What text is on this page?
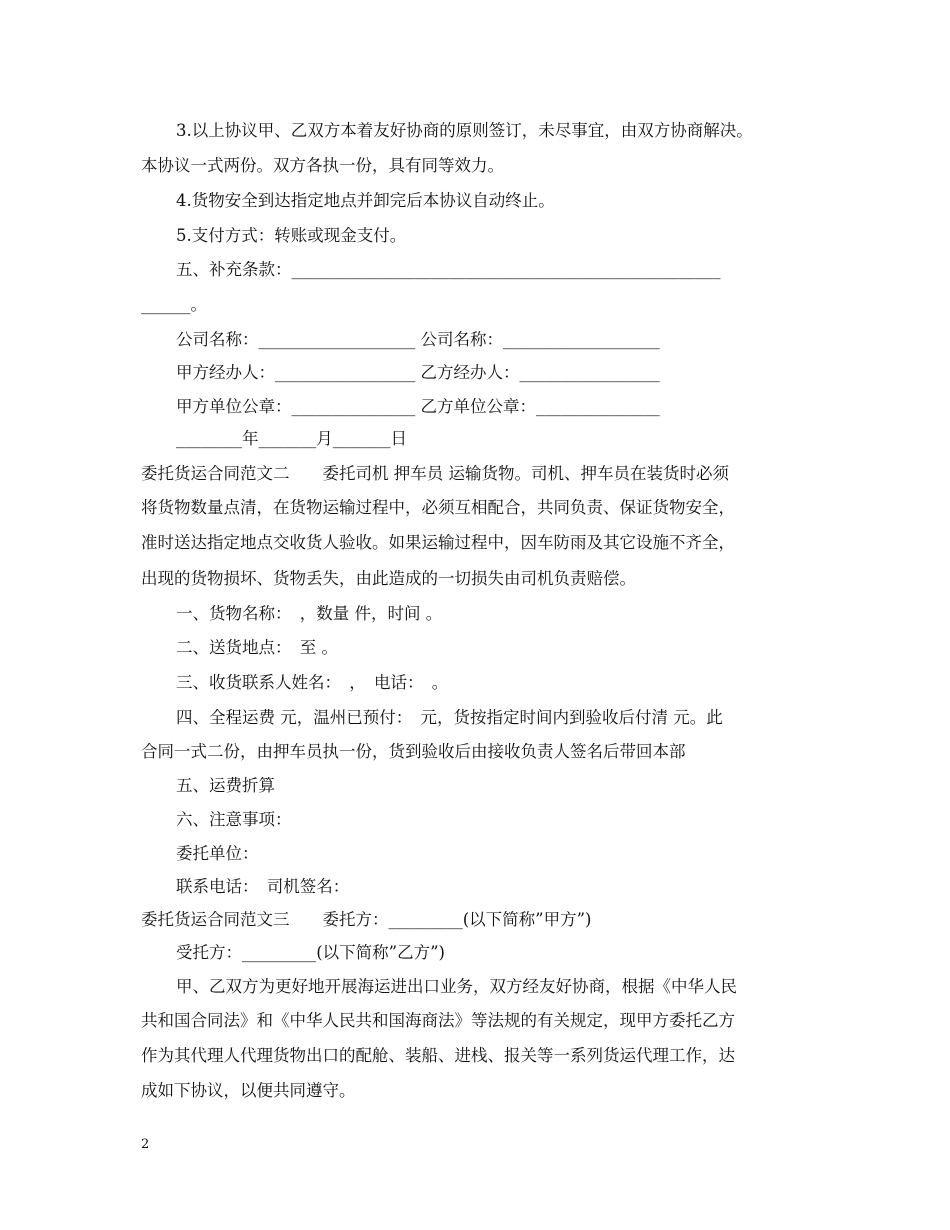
3.以上协议甲、乙双方本着友好协商的原则签订，未尽事宜，由双方协商解决。
本协议一式两份。双方各执一份，具有同等效力。
4.货物安全到达指定地点并卸完后本协议自动终止。
5.支付方式：转账或现金支付。
五、补充条款：____________________________________________________
______。
公司名称：___________________ 公司名称：___________________
甲方经办人：_________________ 乙方经办人：_________________
甲方单位公章：_______________ 乙方单位公章：_______________
________年_______月_______日
委托货运合同范文二　　委托司机 押车员 运输货物。司机、押车员在装货时必须
将货物数量点清，在货物运输过程中，必须互相配合，共同负责、保证货物安全，
准时送达指定地点交收货人验收。如果运输过程中，因车防雨及其它设施不齐全，
出现的货物损坏、货物丢失，由此造成的一切损失由司机负责赔偿。
一、货物名称：　，数量 件，时间 。
二、送货地点：　至 。
三、收货联系人姓名：　，　电话：　。
四、全程运费 元，温州已预付：　元，货按指定时间内到验收后付清 元。此
合同一式二份，由押车员执一份，货到验收后由接收负责人签名后带回本部
五、运费折算
六、注意事项：
委托单位：
联系电话：　司机签名：
委托货运合同范文三　　委托方：_________(以下简称”甲方”)
受托方：_________(以下简称”乙方”)
甲、乙双方为更好地开展海运进出口业务，双方经友好协商，根据《中华人民
共和国合同法》和《中华人民共和国海商法》等法规的有关规定，现甲方委托乙方
作为其代理人代理货物出口的配舱、装船、进栈、报关等一系列货运代理工作，达
成如下协议，以便共同遵守。
2
